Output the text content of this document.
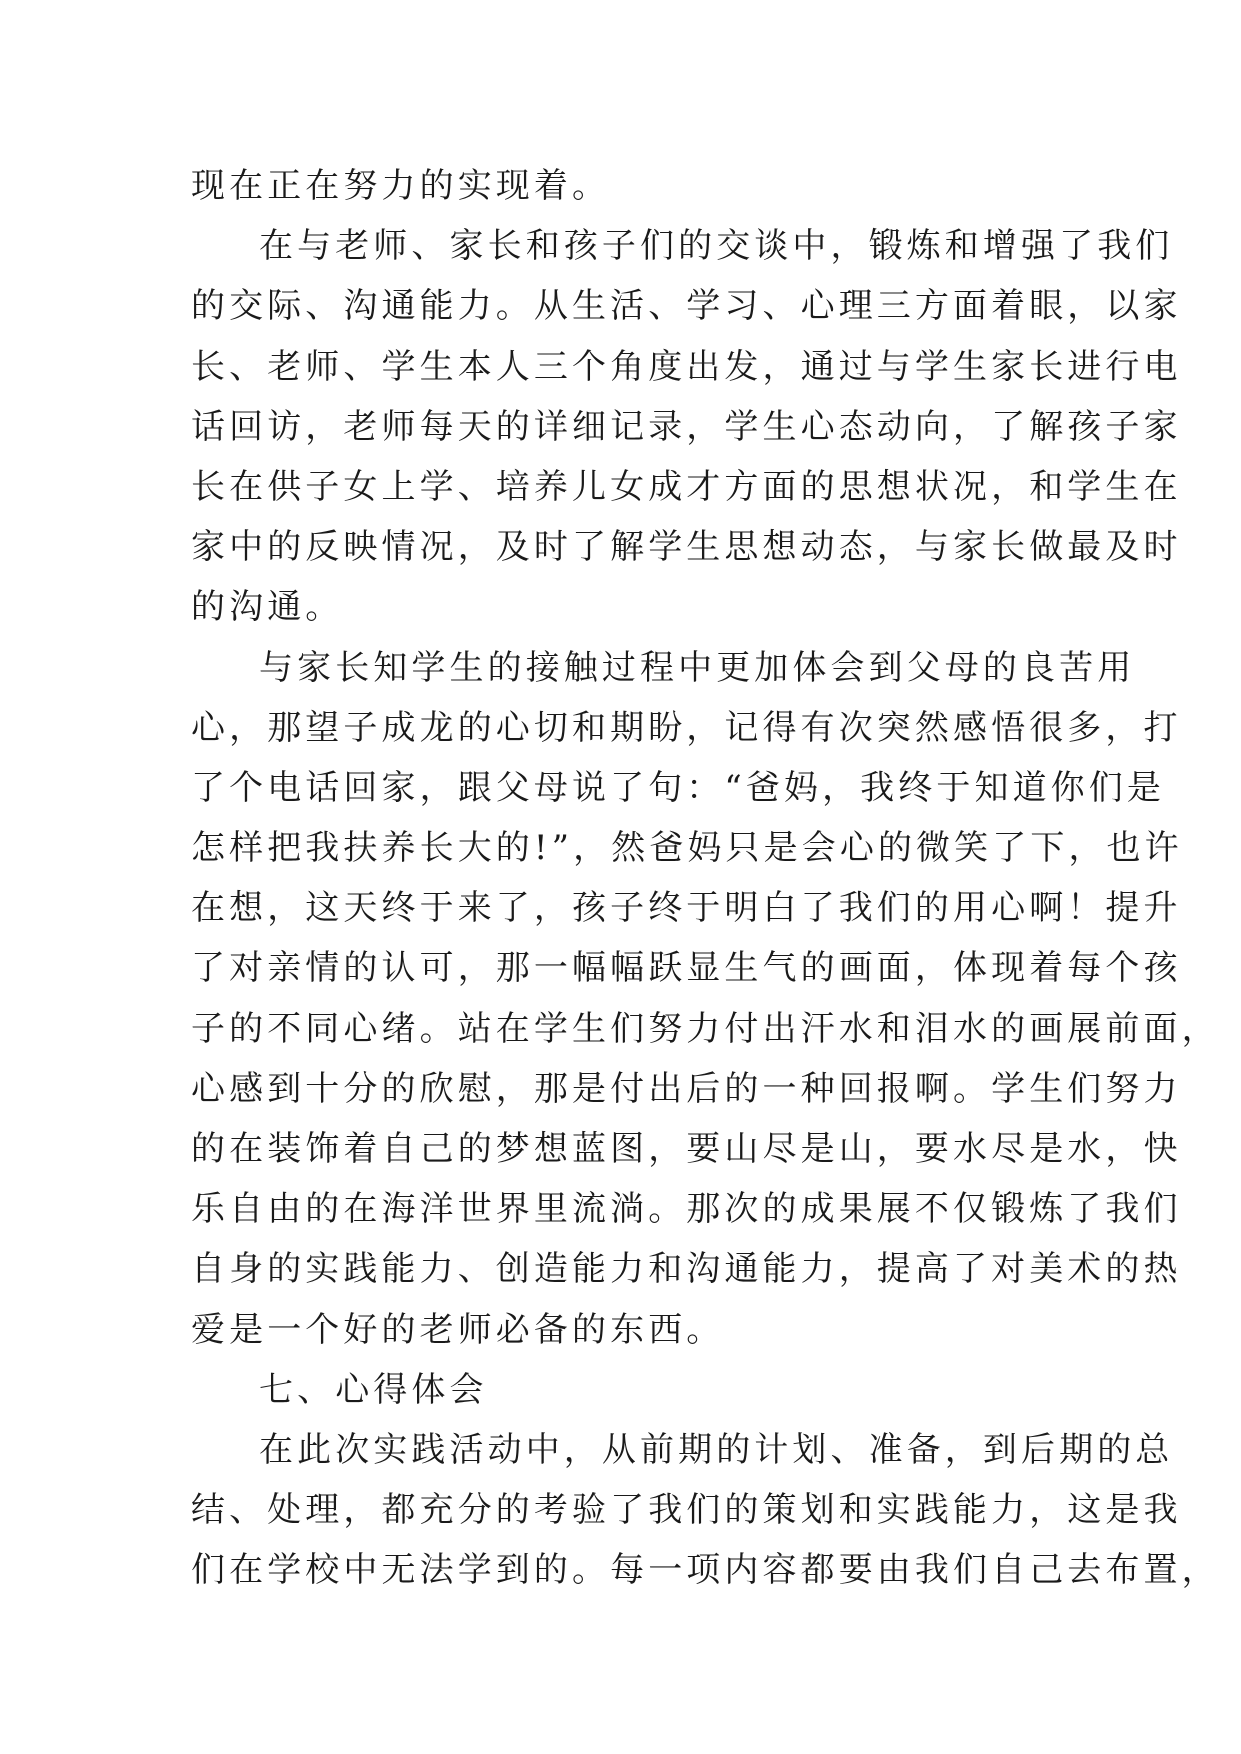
现在正在努力的实现着。
在与老师、家长和孩子们的交谈中，锻炼和增强了我们
的交际、沟通能力。从生活、学习、心理三方面着眼，以家
长、老师、学生本人三个角度出发，通过与学生家长进行电
话回访，老师每天的详细记录，学生心态动向，了解孩子家
长在供子女上学、培养儿女成才方面的思想状况，和学生在
家中的反映情况，及时了解学生思想动态，与家长做最及时
的沟通。
与家长知学生的接触过程中更加体会到父母的良苦用
心，那望子成龙的心切和期盼，记得有次突然感悟很多，打
了个电话回家，跟父母说了句：“爸妈，我终于知道你们是
怎样把我扶养长大的!”，然爸妈只是会心的微笑了下，也许
在想，这天终于来了，孩子终于明白了我们的用心啊！提升
了对亲情的认可，那一幅幅跃显生气的画面，体现着每个孩
子的不同心绪。站在学生们努力付出汗水和泪水的画展前面，
心感到十分的欣慰，那是付出后的一种回报啊。学生们努力
的在装饰着自己的梦想蓝图，要山尽是山，要水尽是水，快
乐自由的在海洋世界里流淌。那次的成果展不仅锻炼了我们
自身的实践能力、创造能力和沟通能力，提高了对美术的热
爱是一个好的老师必备的东西。
七、心得体会
在此次实践活动中，从前期的计划、准备，到后期的总
结、处理，都充分的考验了我们的策划和实践能力，这是我
们在学校中无法学到的。每一项内容都要由我们自己去布置，
